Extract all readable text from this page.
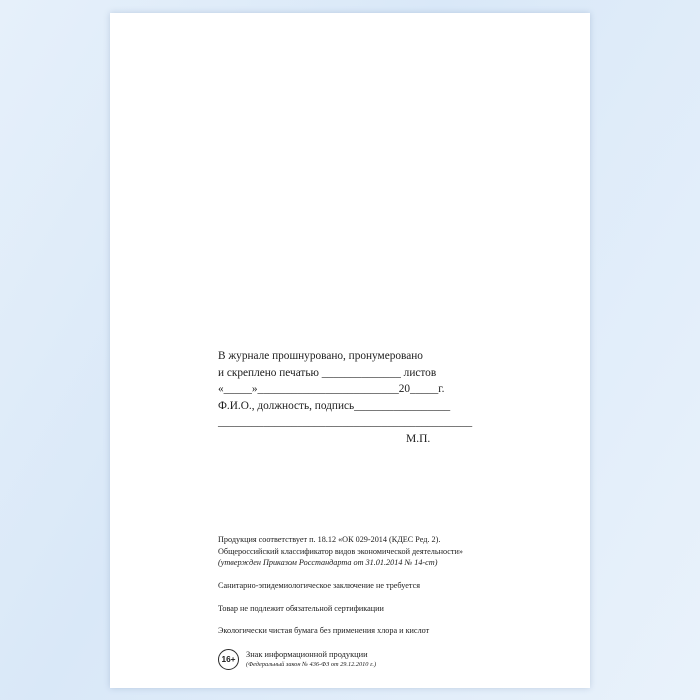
В журнале прошнуровано, пронумеровано
и скреплено печатью ______________ листов
«_____»_________________________20_____г.
Ф.И.О., должность, подпись_________________
_____________________________________________
М.П.
Продукция соответствует п. 18.12 «ОК 029-2014 (КДЕС Ред. 2).
Общероссийский классификатор видов экономической деятельности»
(утвержден Приказом Росстандарта от 31.01.2014 № 14-ст)
Санитарно-эпидемиологическое заключение не требуется
Товар не подлежит обязательной сертификации
Экологически чистая бумага без применения хлора и кислот
16+
Знак информационной продукции
(Федеральный закон № 436-ФЗ от 29.12.2010 г.)
